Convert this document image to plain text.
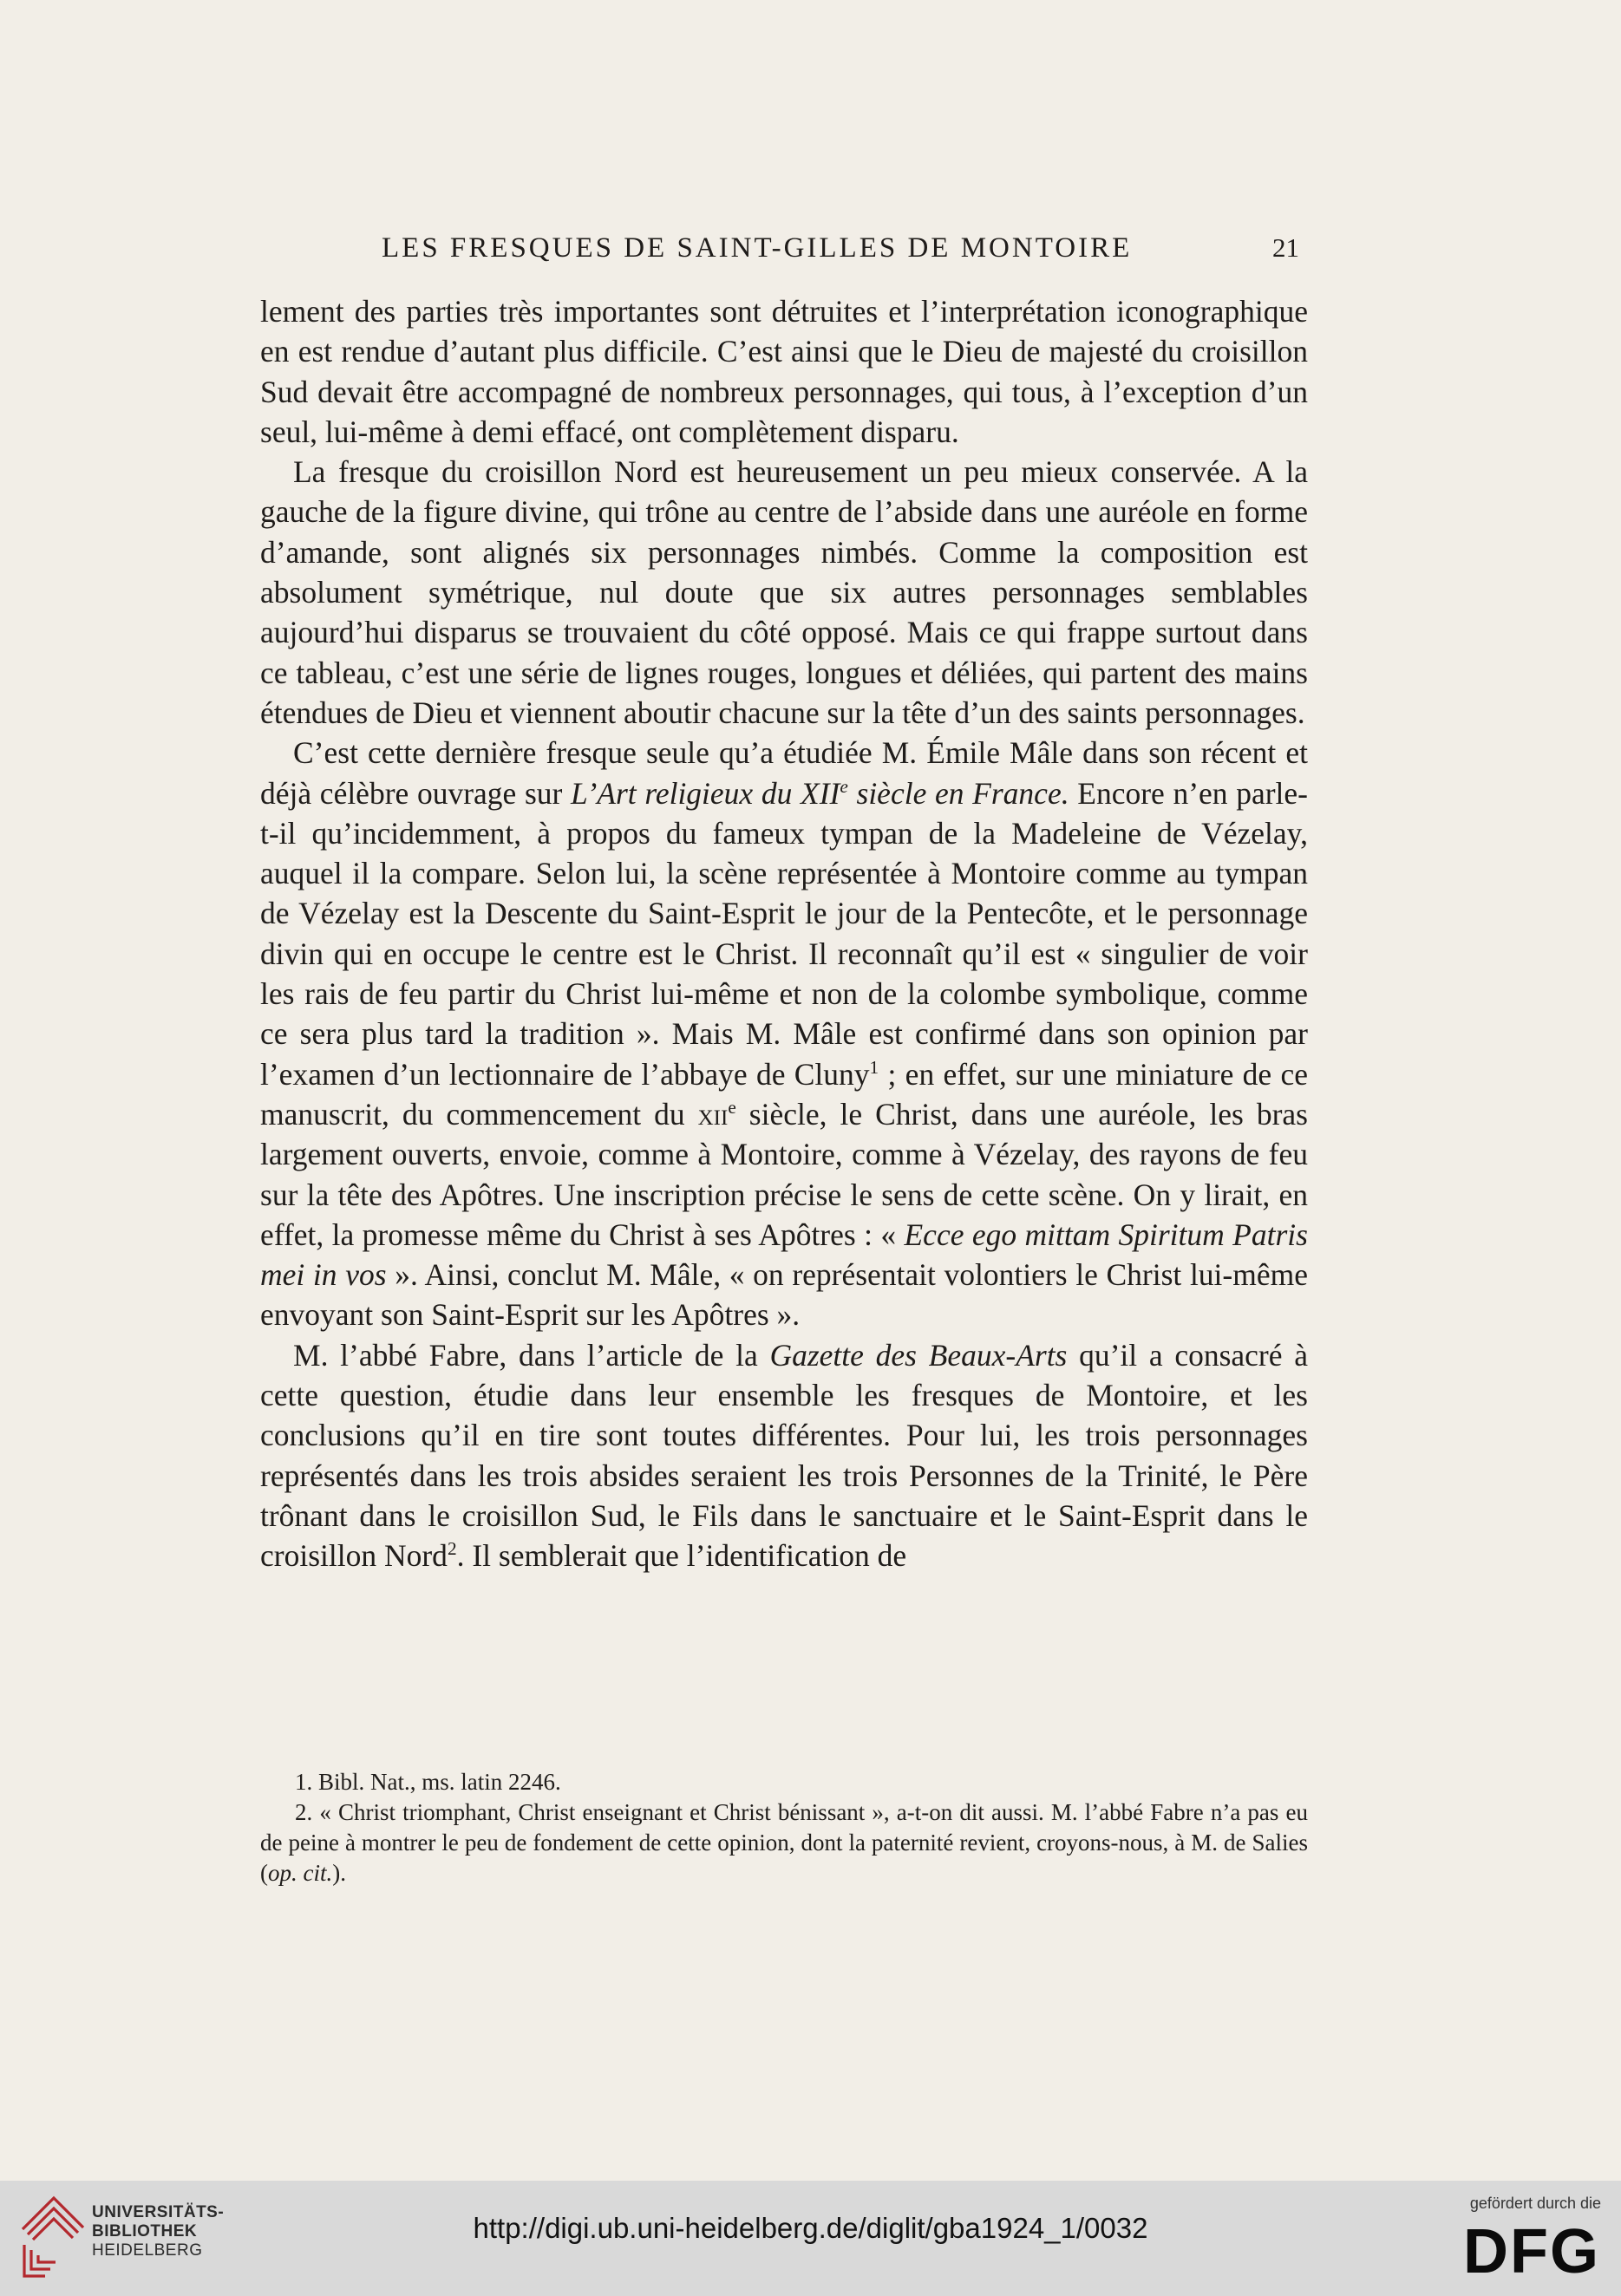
LES FRESQUES DE SAINT-GILLES DE MONTOIRE	21

lement des parties très importantes sont détruites et l’interprétation iconographique en est rendue d’autant plus difficile. C’est ainsi que le Dieu de majesté du croisillon Sud devait être accompagné de nombreux personnages, qui tous, à l’exception d’un seul, lui-même à demi effacé, ont complètement disparu.

La fresque du croisillon Nord est heureusement un peu mieux conservée. A la gauche de la figure divine, qui trône au centre de l’abside dans une auréole en forme d’amande, sont alignés six personnages nimbés. Comme la composition est absolument symétrique, nul doute que six autres personnages semblables aujourd’hui disparus se trouvaient du côté opposé. Mais ce qui frappe surtout dans ce tableau, c’est une série de lignes rouges, longues et déliées, qui partent des mains étendues de Dieu et viennent aboutir chacune sur la tête d’un des saints personnages.

C’est cette dernière fresque seule qu’a étudiée M. Émile Mâle dans son récent et déjà célèbre ouvrage sur L’Art religieux du XIIe siècle en France. Encore n’en parle-t-il qu’incidemment, à propos du fameux tympan de la Madeleine de Vézelay, auquel il la compare. Selon lui, la scène représentée à Montoire comme au tympan de Vézelay est la Descente du Saint-Esprit le jour de la Pentecôte, et le personnage divin qui en occupe le centre est le Christ. Il reconnaît qu’il est « singulier de voir les rais de feu partir du Christ lui-même et non de la colombe symbolique, comme ce sera plus tard la tradition ». Mais M. Mâle est confirmé dans son opinion par l’examen d’un lectionnaire de l’abbaye de Cluny$^1$ ; en effet, sur une miniature de ce manuscrit, du commencement du xii$^e$ siècle, le Christ, dans une auréole, les bras largement ouverts, envoie, comme à Montoire, comme à Vézelay, des rayons de feu sur la tête des Apôtres. Une inscription précise le sens de cette scène. On y lirait, en effet, la promesse même du Christ à ses Apôtres : « Ecce ego mittam Spiritum Patris mei in vos ». Ainsi, conclut M. Mâle, « on représentait volontiers le Christ lui-même envoyant son Saint-Esprit sur les Apôtres ».

M. l’abbé Fabre, dans l’article de la Gazette des Beaux-Arts qu’il a consacré à cette question, étudie dans leur ensemble les fresques de Montoire, et les conclusions qu’il en tire sont toutes différentes. Pour lui, les trois personnages représentés dans les trois absides seraient les trois Personnes de la Trinité, le Père trônant dans le croisillon Sud, le Fils dans le sanctuaire et le Saint-Esprit dans le croisillon Nord$^2$. Il semblerait que l’identification de

1. Bibl. Nat., ms. latin 2246.

2. « Christ triomphant, Christ enseignant et Christ bénissant », a-t-on dit aussi. M. l’abbé Fabre n’a pas eu de peine à montrer le peu de fondement de cette opinion, dont la paternité revient, croyons-nous, à M. de Salies (op. cit.).

UNIVERSITÄTS-
BIBLIOTHEK
HEIDELBERG
http://digi.ub.uni-heidelberg.de/diglit/gba1924_1/0032
gefördert durch die
DFG
